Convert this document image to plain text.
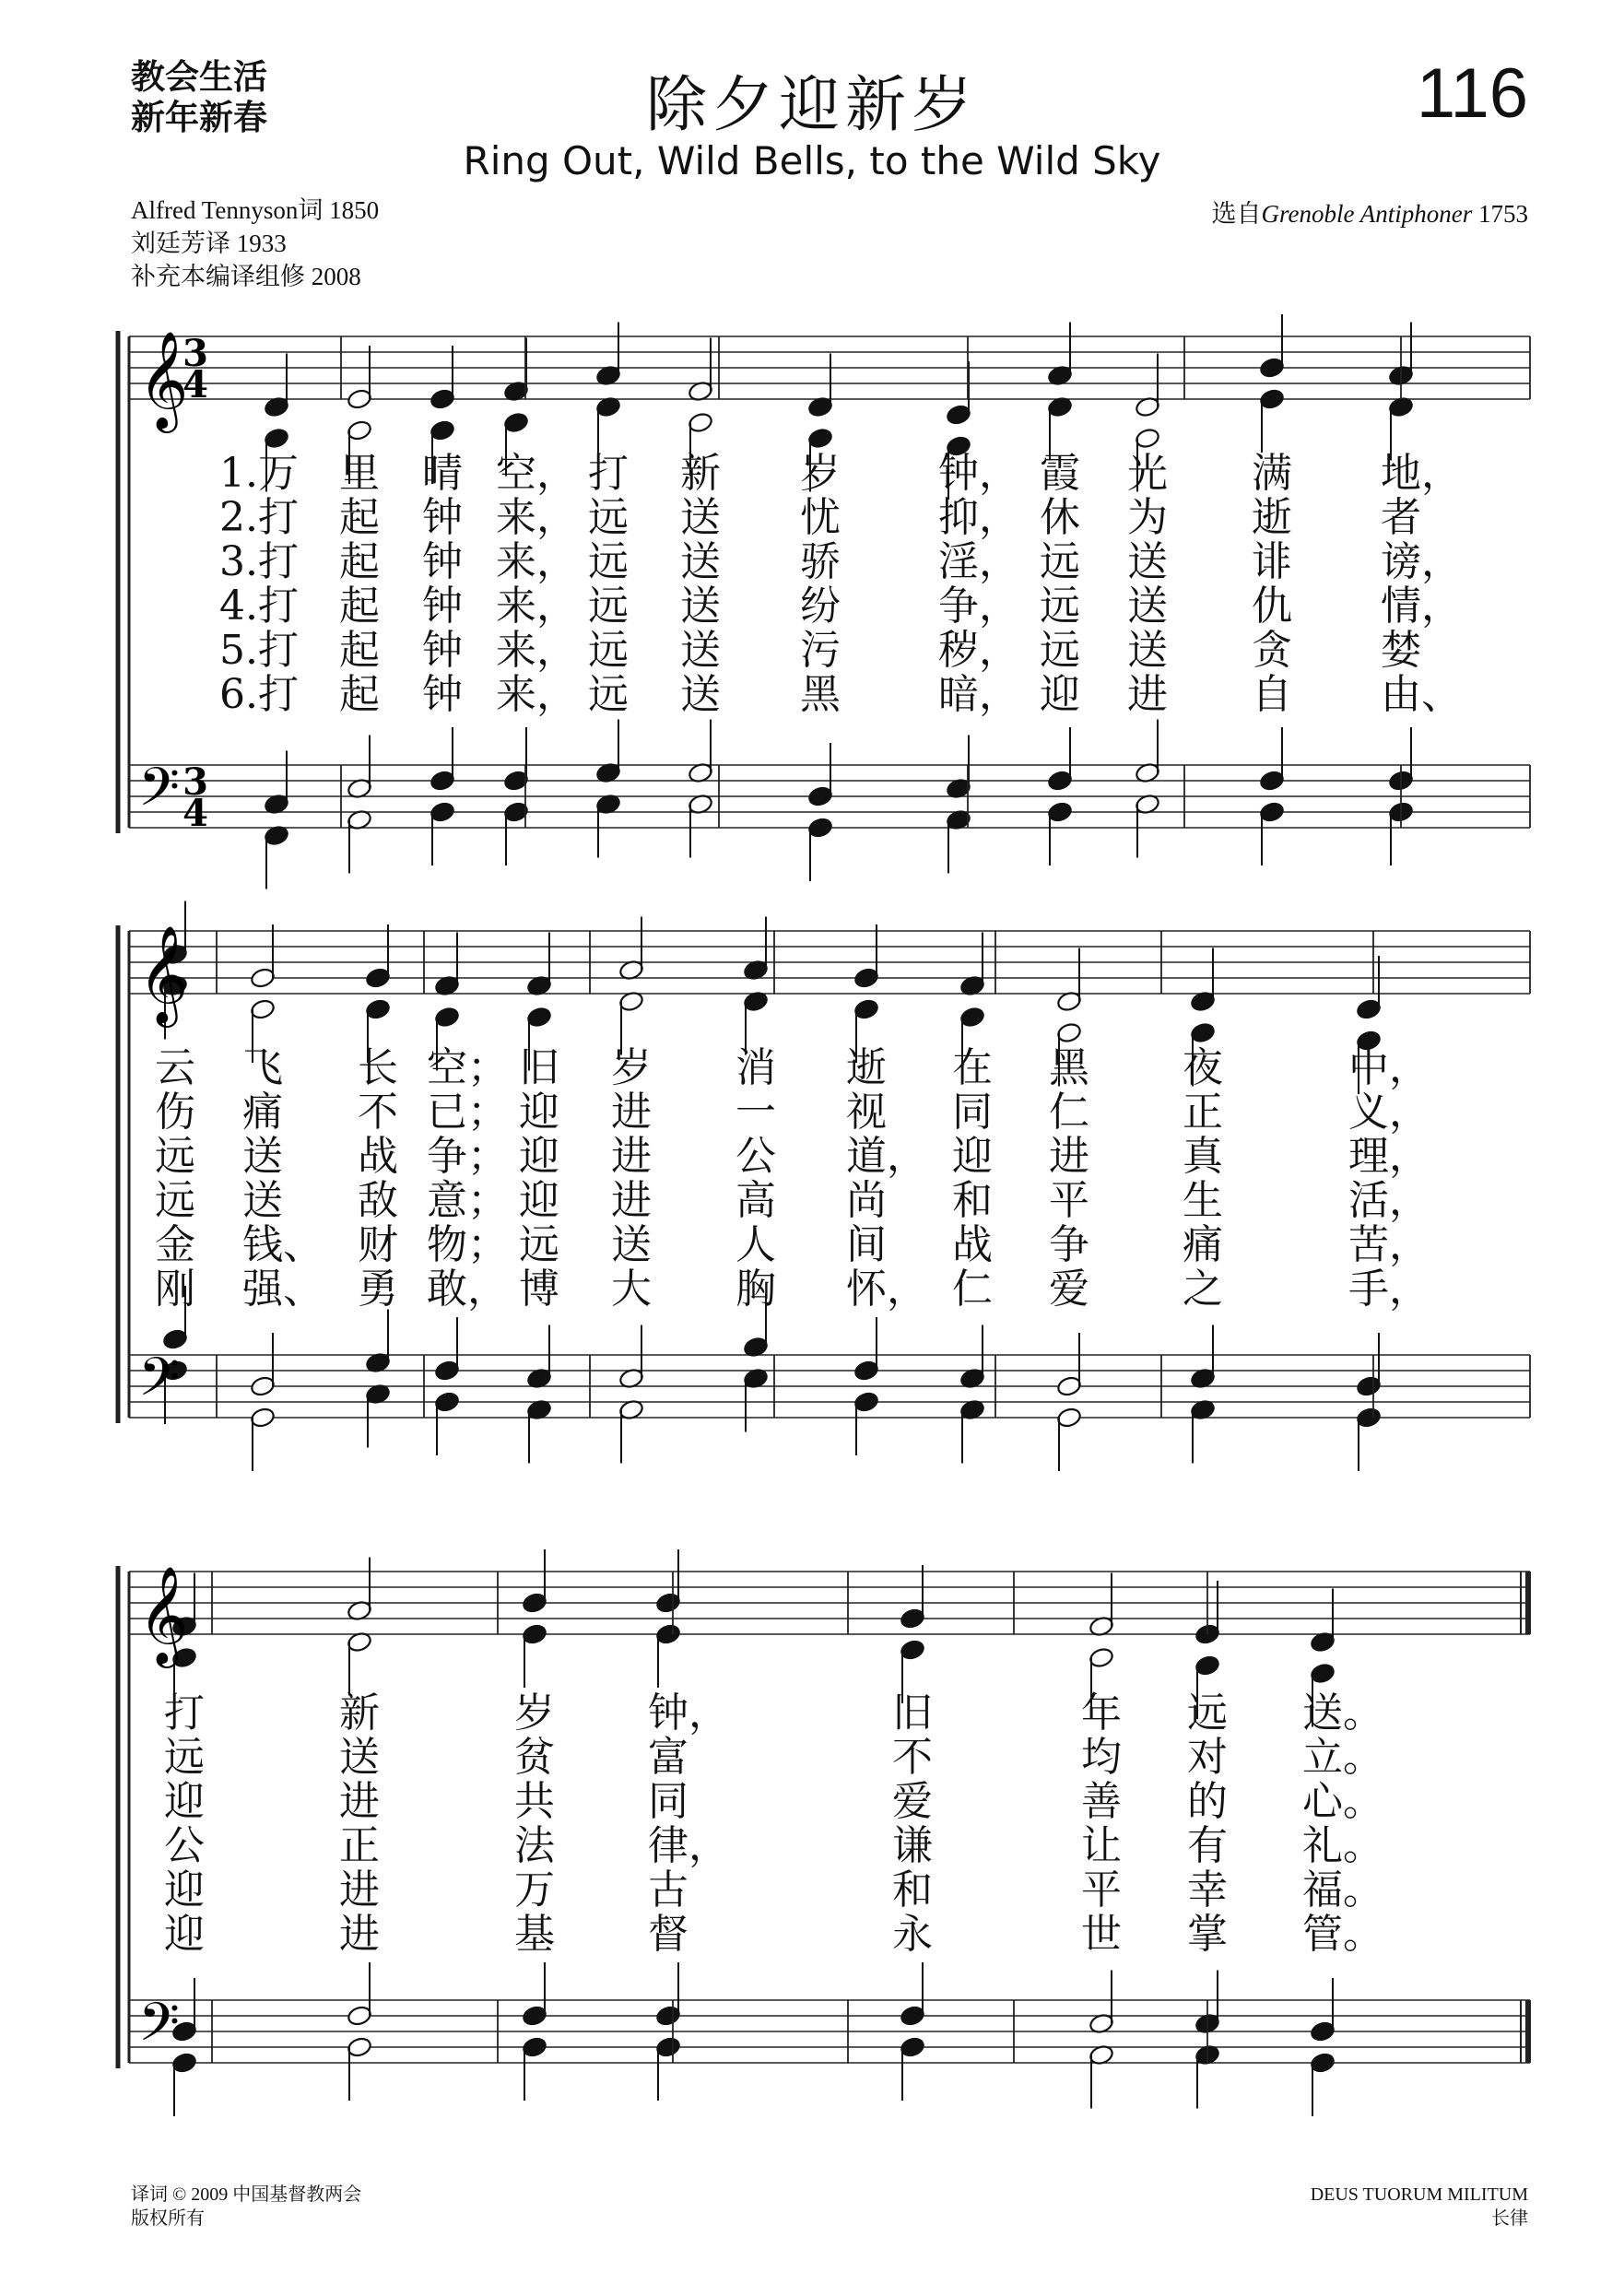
教会生活
新年新春	除夕迎新岁	116
Ring Out, Wild Bells, to the Wild Sky
Alfred Tennyson词 1850
刘廷芳译 1933
补充本编译组修 2008
选自Grenoble Antiphoner 1753
𝄞
𝄢
3
4
3
4
1.万 里 晴 空， 打 新 岁 钟， 霞 光 满 地，
2.打 起 钟 来， 远 送 忧 抑， 休 为 逝 者
3.打 起 钟 来， 远 送 骄 淫， 远 送 诽 谤，
4.打 起 钟 来， 远 送 纷 争， 远 送 仇 情，
5.打 起 钟 来， 远 送 污 秽， 远 送 贪 婪
6.打 起 钟 来， 远 送 黑 暗， 迎 进 自 由、
𝄞
𝄢
云 飞 长 空； 旧 岁 消 逝 在 黑 夜	中，
伤 痛 不 已； 迎 进 一 视 同 仁 正	义，
远 送 战 争； 迎 进 公 道， 迎 进 真	理，
远 送 敌 意； 迎 进 高 尚 和 平 生	活，
金 钱、 财 物； 远 送 人 间 战 争 痛	苦，
刚 强、 勇 敢， 博 大 胸 怀， 仁 爱 之	手，
𝄞
𝄢
打	新	岁 钟，	旧	年 远 送。
远	送	贫 富	不	均 对 立。
迎	进	共 同	爱	善 的 心。
公	正	法 律，	谦	让 有 礼。
迎	进	万 古	和	平 幸 福。
迎	进	基 督	永	世 掌 管。
译词 © 2009 中国基督教两会
版权所有
DEUS TUORUM MILITUM
长律
